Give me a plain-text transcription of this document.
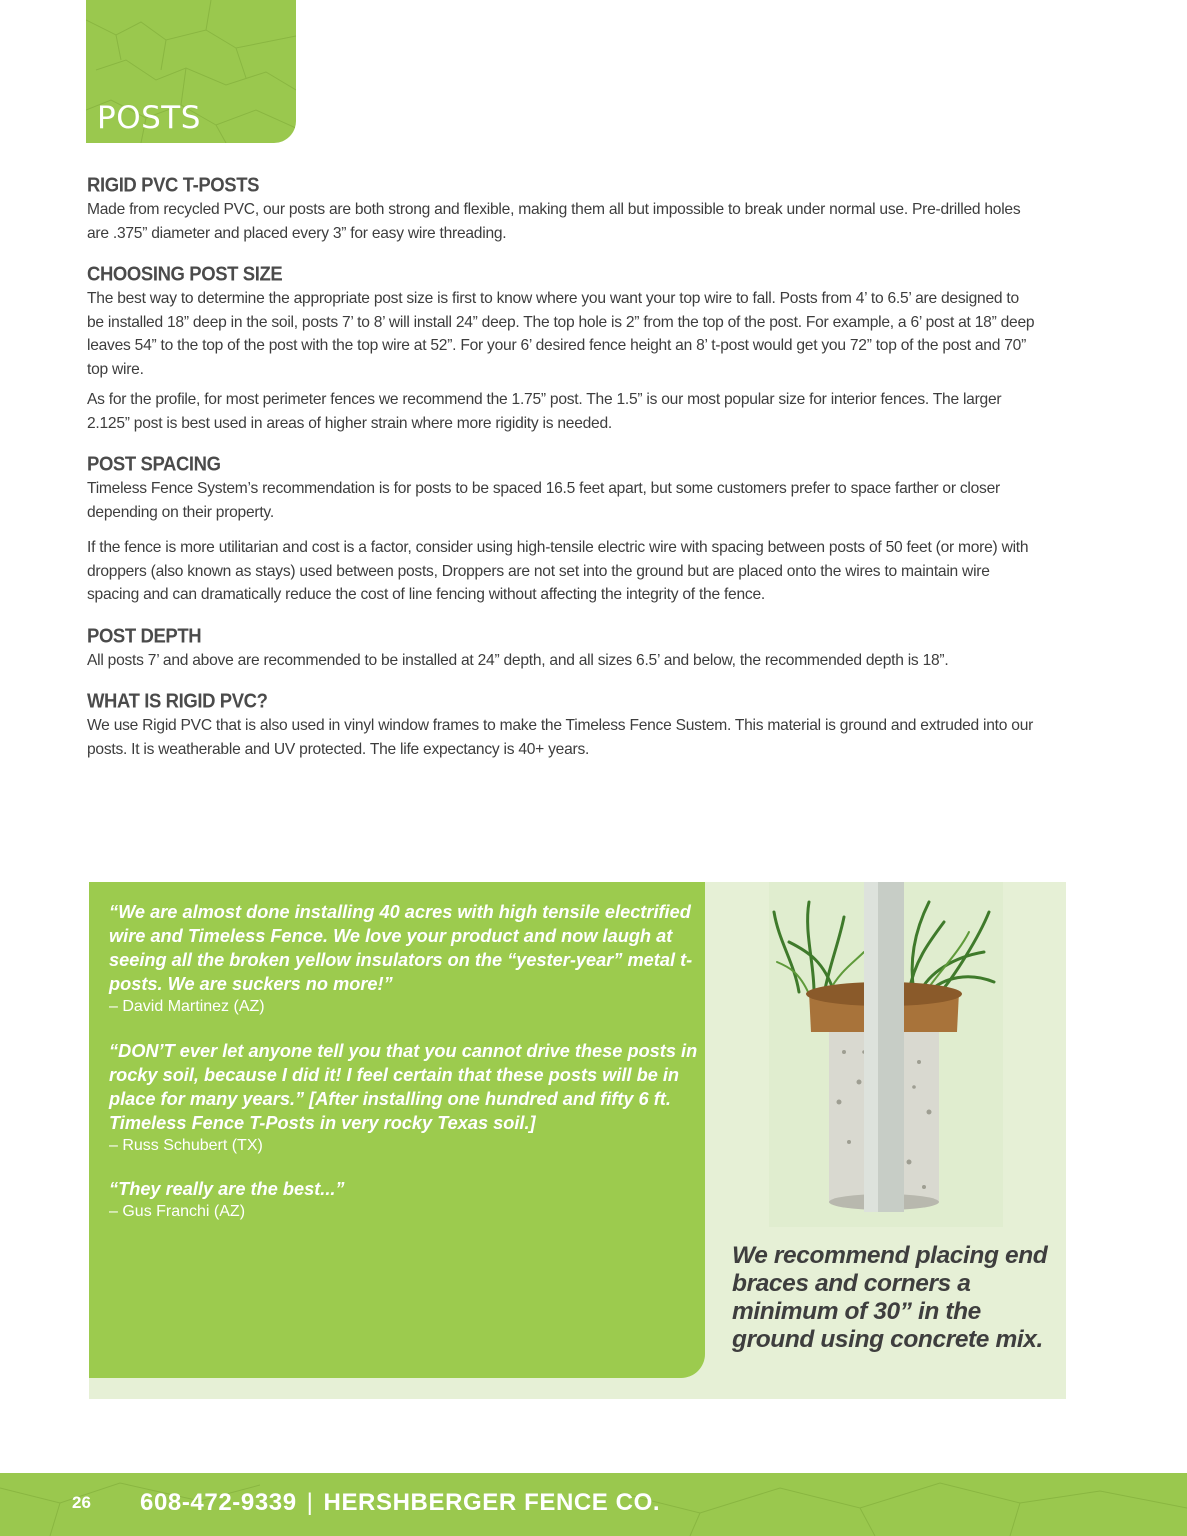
POSTS
RIGID PVC T-POSTS

Made from recycled PVC, our posts are both strong and flexible, making them all but impossible to break under normal use. Pre-drilled holes are .375” diameter and placed every 3” for easy wire threading.

CHOOSING POST SIZE

The best way to determine the appropriate post size is first to know where you want your top wire to fall. Posts from 4’ to 6.5’ are designed to be installed 18” deep in the soil, posts 7’ to 8’ will install 24” deep. The top hole is 2” from the top of the post. For example, a 6’ post at 18” deep leaves 54” to the top of the post with the top wire at 52”. For your 6’ desired fence height an 8’ t-post would get you 72” top of the post and 70” top wire.

As for the profile, for most perimeter fences we recommend the 1.75” post. The 1.5” is our most popular size for interior fences. The larger 2.125” post is best used in areas of higher strain where more rigidity is needed.

POST SPACING

Timeless Fence System’s recommendation is for posts to be spaced 16.5 feet apart, but some customers prefer to space farther or closer depending on their property.

If the fence is more utilitarian and cost is a factor, consider using high-tensile electric wire with spacing between posts of 50 feet (or more) with droppers (also known as stays) used between posts, Droppers are not set into the ground but are placed onto the wires to maintain wire spacing and can dramatically reduce the cost of line fencing without affecting the integrity of the fence.

POST DEPTH

All posts 7’ and above are recommended to be installed at 24” depth, and all sizes 6.5’ and below, the recommended depth is 18”.

WHAT IS RIGID PVC?

We use Rigid PVC that is also used in vinyl window frames to make the Timeless Fence Sustem. This material is ground and extruded into our posts. It is weatherable and UV protected. The life expectancy is 40+ years.

“We are almost done installing 40 acres with high tensile electrified wire and Timeless Fence. We love your product and now laugh at seeing all the broken yellow insulators on the “yester-year” metal t-posts. We are suckers no more!”

– David Martinez (AZ)

“DON’T ever let anyone tell you that you cannot drive these posts in rocky soil, because I did it! I feel certain that these posts will be in place for many years.” [After installing one hundred and fifty 6 ft. Timeless Fence T-Posts in very rocky Texas soil.]

– Russ Schubert (TX)

“They really are the best...”

– Gus Franchi (AZ)

We recommend placing end braces and corners a minimum of 30” in the ground using concrete mix.

26 608-472-9339 | HERSHBERGER FENCE CO.
